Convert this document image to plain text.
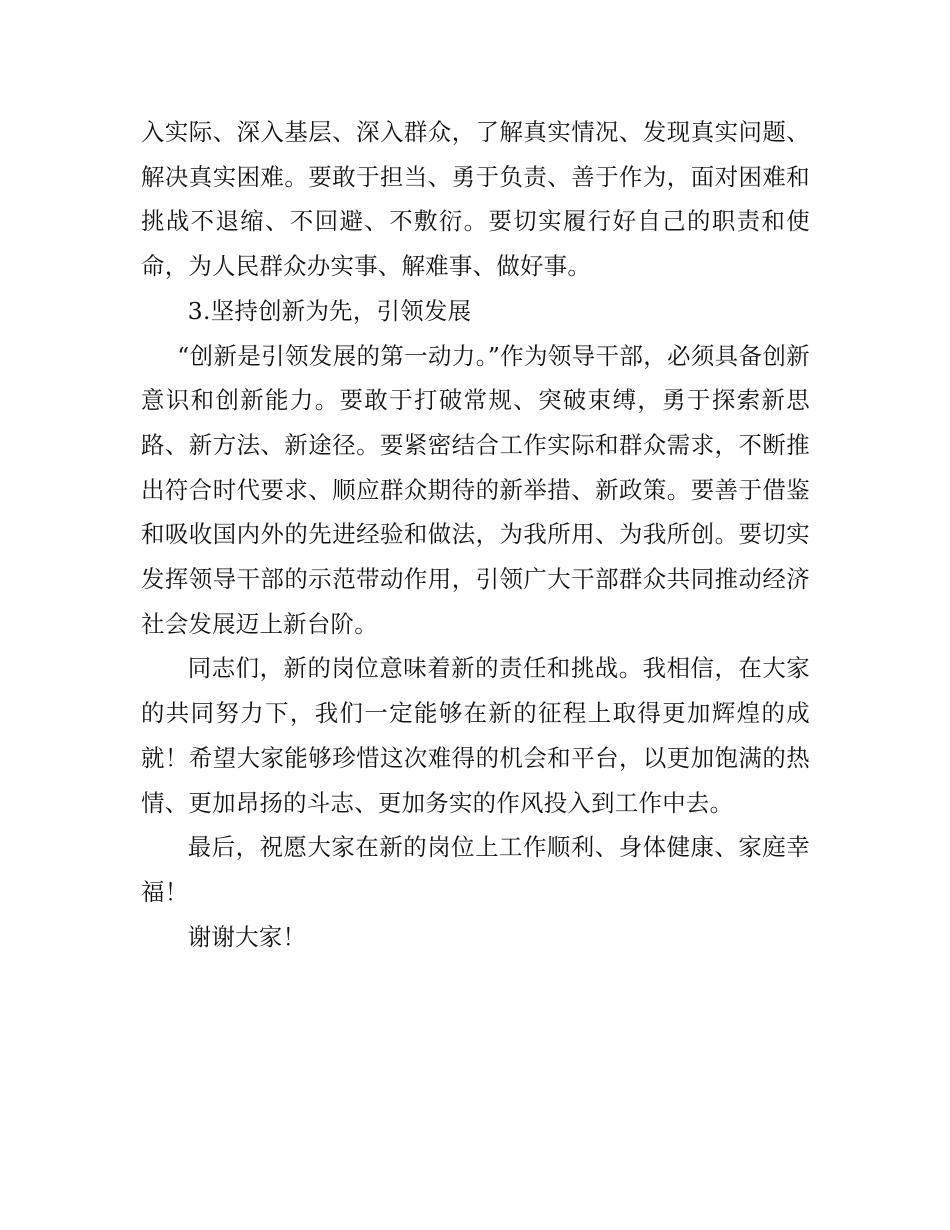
入实际、深入基层、深入群众，了解真实情况、发现真实问题、解决真实困难。要敢于担当、勇于负责、善于作为，面对困难和挑战不退缩、不回避、不敷衍。要切实履行好自己的职责和使命，为人民群众办实事、解难事、做好事。

3.坚持创新为先，引领发展

“创新是引领发展的第一动力。”作为领导干部，必须具备创新意识和创新能力。要敢于打破常规、突破束缚，勇于探索新思路、新方法、新途径。要紧密结合工作实际和群众需求，不断推出符合时代要求、顺应群众期待的新举措、新政策。要善于借鉴和吸收国内外的先进经验和做法，为我所用、为我所创。要切实发挥领导干部的示范带动作用，引领广大干部群众共同推动经济社会发展迈上新台阶。

同志们，新的岗位意味着新的责任和挑战。我相信，在大家的共同努力下，我们一定能够在新的征程上取得更加辉煌的成就！希望大家能够珍惜这次难得的机会和平台，以更加饱满的热情、更加昂扬的斗志、更加务实的作风投入到工作中去。

最后，祝愿大家在新的岗位上工作顺利、身体健康、家庭幸福！

谢谢大家！
